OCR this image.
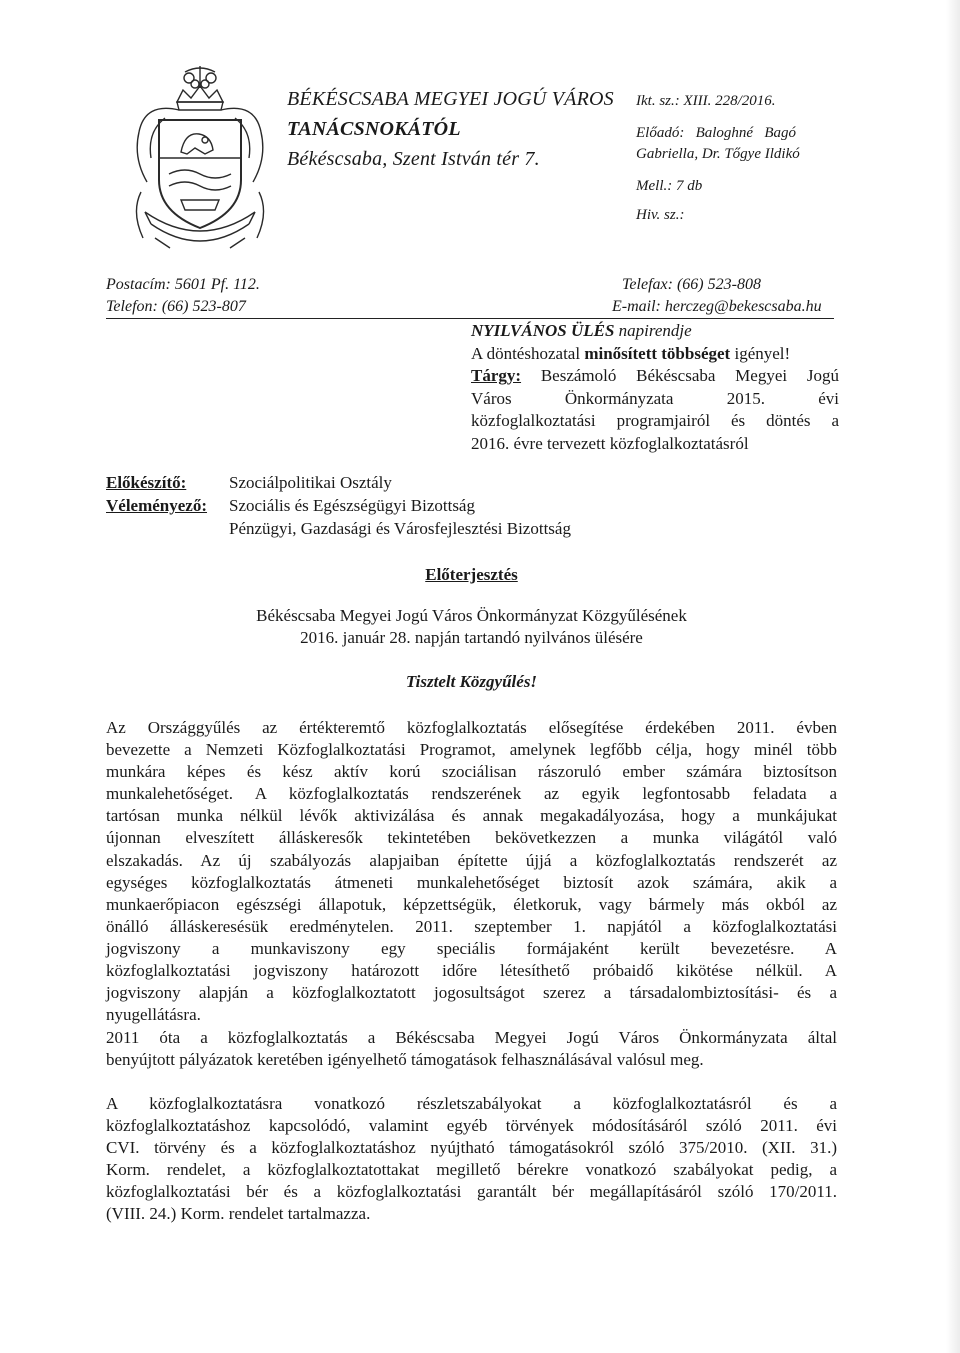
BÉKÉSCSABA MEGYEI JOGÚ VÁROS
TANÁCSNOKÁTÓL
Békéscsaba, Szent István tér 7.
Ikt. sz.: XIII. 228/2016.
Előadó:   Baloghné   Bagó
Gabriella, Dr. Tőgye Ildikó
Mell.: 7 db
Hiv. sz.:
Postacím: 5601 Pf. 112.
Telefon: (66) 523-807
Telefax: (66) 523-808
E-mail: herczeg@bekescsaba.hu
NYILVÁNOS ÜLÉS napirendje
A döntéshozatal minősített többséget igényel!
Tárgy: Beszámoló Békéscsaba Megyei Jogú
Város Önkormányzata 2015. évi
közfoglalkoztatási programjairól és döntés a
2016. évre tervezett közfoglalkoztatásról
Előkészítő:	Szociálpolitikai Osztály
Véleményező: Szociális és Egészségügyi Bizottság
Pénzügyi, Gazdasági és Városfejlesztési Bizottság
Előterjesztés
Békéscsaba Megyei Jogú Város Önkormányzat Közgyűlésének
2016. január 28. napján tartandó nyilvános ülésére
Tisztelt Közgyűlés!
Az Országgyűlés az értékteremtő közfoglalkoztatás elősegítése érdekében 2011. évben
bevezette a Nemzeti Közfoglalkoztatási Programot, amelynek legfőbb célja, hogy minél több
munkára képes és kész aktív korú szociálisan rászoruló ember számára biztosítson
munkalehetőséget. A közfoglalkoztatás rendszerének az egyik legfontosabb feladata a
tartósan munka nélkül lévők aktivizálása és annak megakadályozása, hogy a munkájukat
újonnan elveszített álláskeresők tekintetében bekövetkezzen a munka világától való
elszakadás. Az új szabályozás alapjaiban építette újjá a közfoglalkoztatás rendszerét az
egységes közfoglalkoztatás átmeneti munkalehetőséget biztosít azok számára, akik a
munkaerőpiacon egészségi állapotuk, képzettségük, életkoruk, vagy bármely más okból az
önálló álláskeresésük eredménytelen. 2011. szeptember 1. napjától a közfoglalkoztatási
jogviszony a munkaviszony egy speciális formájaként került bevezetésre. A
közfoglalkoztatási jogviszony határozott időre létesíthető próbaidő kikötése nélkül. A
jogviszony alapján a közfoglalkoztatott jogosultságot szerez a társadalombiztosítási- és a
nyugellátásra.
2011 óta a közfoglalkoztatás a Békéscsaba Megyei Jogú Város Önkormányzata által
benyújtott pályázatok keretében igényelhető támogatások felhasználásával valósul meg.
A közfoglalkoztatásra vonatkozó részletszabályokat a közfoglalkoztatásról és a
közfoglalkoztatáshoz kapcsolódó, valamint egyéb törvények módosításáról szóló 2011. évi
CVI. törvény és a közfoglalkoztatáshoz nyújtható támogatásokról szóló 375/2010. (XII. 31.)
Korm. rendelet, a közfoglalkoztatottakat megillető bérekre vonatkozó szabályokat pedig, a
közfoglalkoztatási bér és a közfoglalkoztatási garantált bér megállapításáról szóló 170/2011.
(VIII. 24.) Korm. rendelet tartalmazza.
